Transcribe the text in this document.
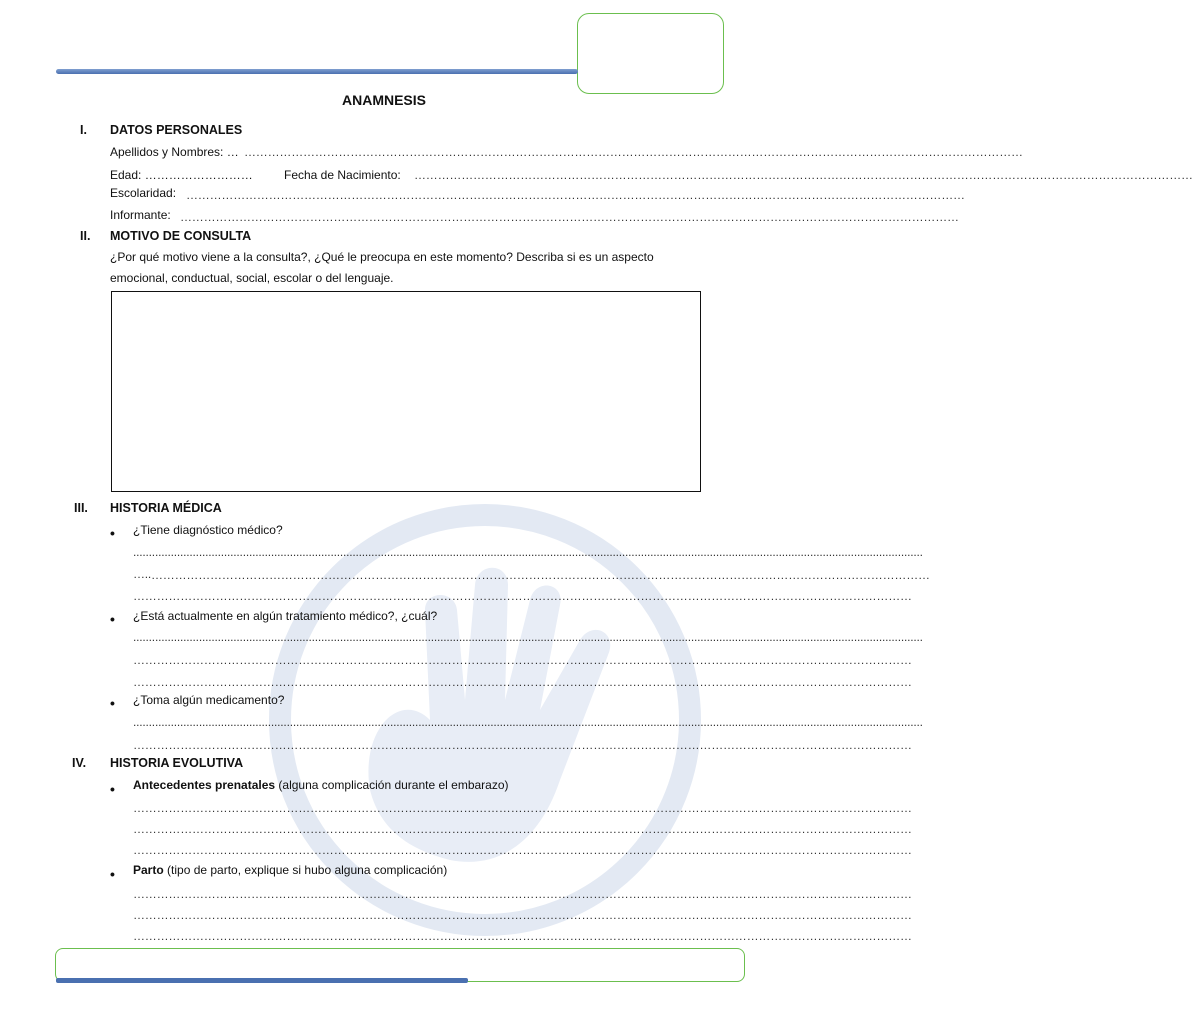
ANAMNESIS
I. DATOS PERSONALES
Apellidos y Nombres: … ………………………………………………………………………………………………………………………………………………………………………………
Edad: ………………………	Fecha de Nacimiento: ………………………………………………………………………………………………………………………………………………………………………………
Escolaridad: ………………………………………………………………………………………………………………………………………………………………………………
Informante: ………………………………………………………………………………………………………………………………………………………………………………
II. MOTIVO DE CONSULTA
¿Por qué motivo viene a la consulta?, ¿Qué le preocupa en este momento? Describa si es un aspecto emocional, conductual, social, escolar o del lenguaje.
III. HISTORIA MÉDICA
• ¿Tiene diagnóstico médico?
............................................................................................................................................................................................................................................................
….. ………………………………………………………………………………………………………………………………………………………………………………
………………………………………………………………………………………………………………………………………………………………………………
• ¿Está actualmente en algún tratamiento médico?, ¿cuál?
............................................................................................................................................................................................................................................................
………………………………………………………………………………………………………………………………………………………………………………
………………………………………………………………………………………………………………………………………………………………………………
• ¿Toma algún medicamento?
............................................................................................................................................................................................................................................................
………………………………………………………………………………………………………………………………………………………………………………
IV. HISTORIA EVOLUTIVA
• Antecedentes prenatales (alguna complicación durante el embarazo)
………………………………………………………………………………………………………………………………………………………………………………
………………………………………………………………………………………………………………………………………………………………………………
………………………………………………………………………………………………………………………………………………………………………………
• Parto (tipo de parto, explique si hubo alguna complicación)
………………………………………………………………………………………………………………………………………………………………………………
………………………………………………………………………………………………………………………………………………………………………………
………………………………………………………………………………………………………………………………………………………………………………
